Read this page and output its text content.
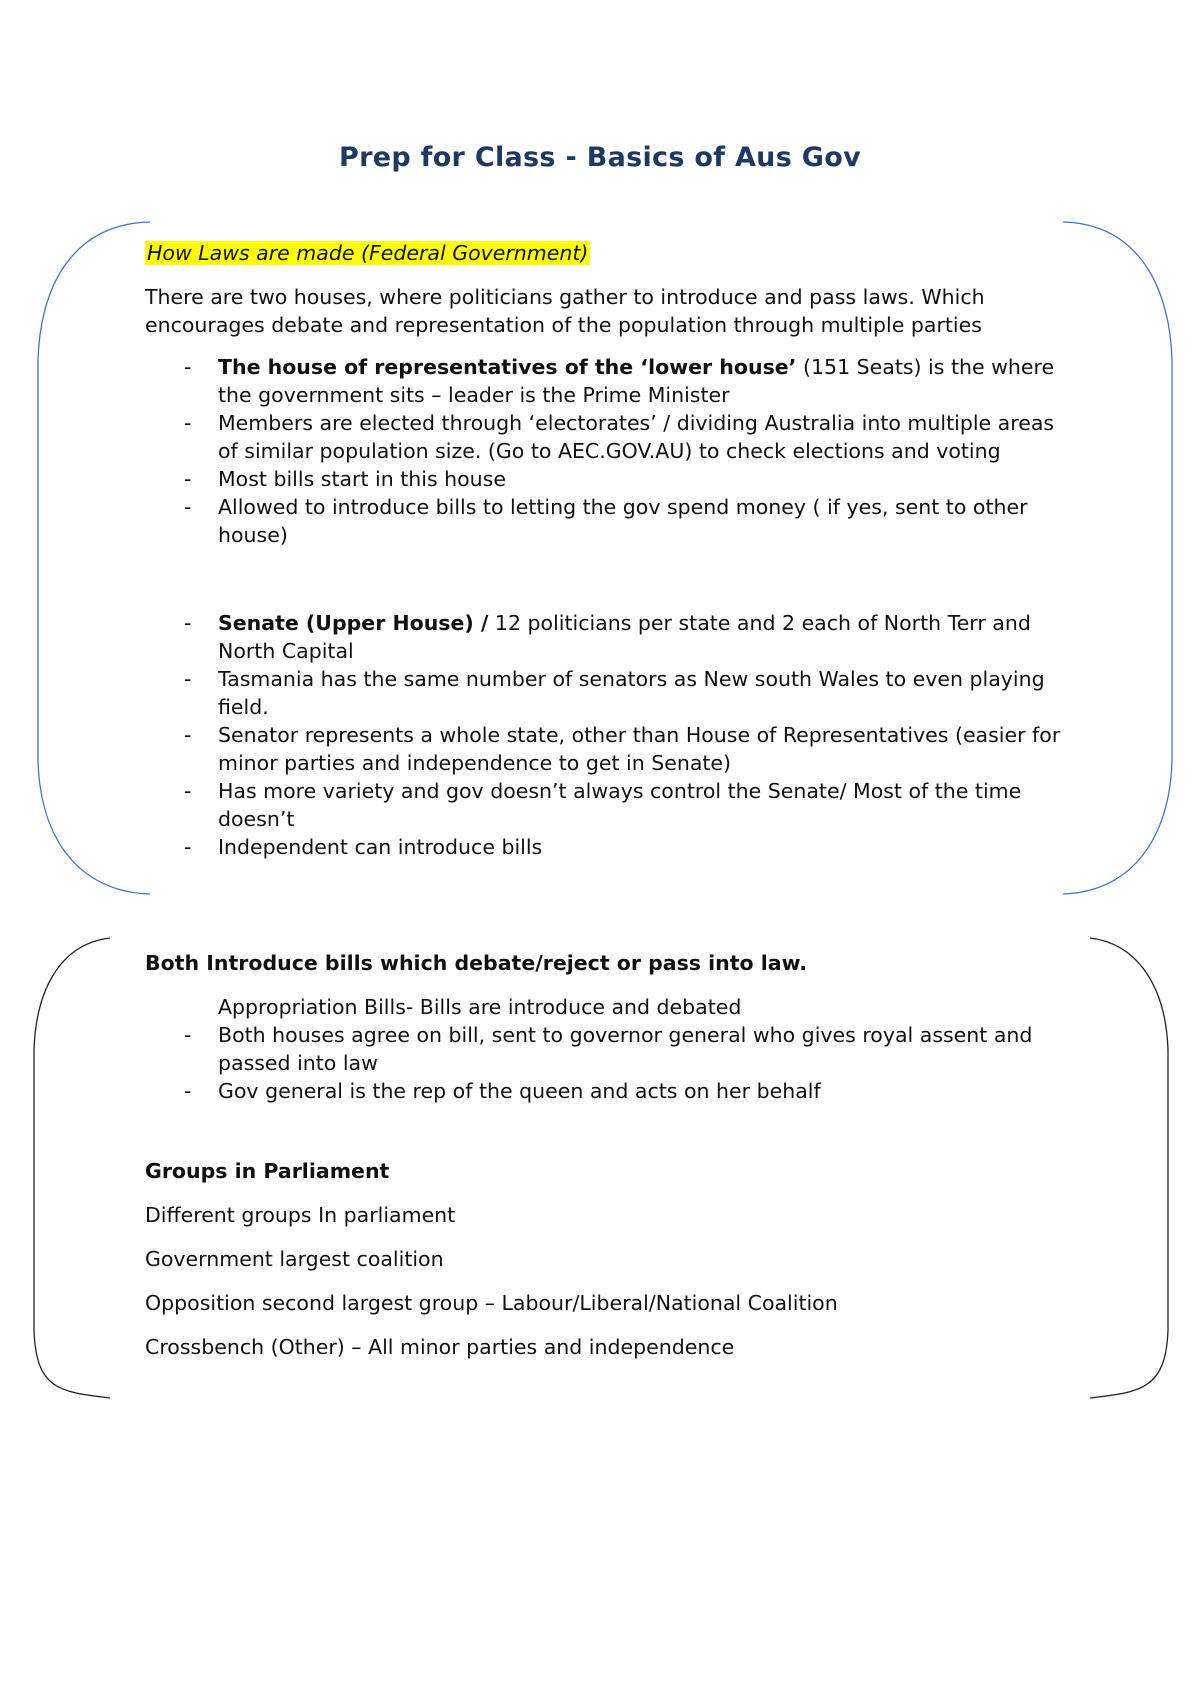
Prep for Class - Basics of Aus Gov
How Laws are made (Federal Government)

There are two houses, where politicians gather to introduce and pass laws. Which encourages debate and representation of the population through multiple parties

- The house of representatives of the ‘lower house’ (151 Seats) is the where the government sits – leader is the Prime Minister
- Members are elected through ‘electorates’ / dividing Australia into multiple areas of similar population size. (Go to AEC.GOV.AU) to check elections and voting
- Most bills start in this house
- Allowed to introduce bills to letting the gov spend money ( if yes, sent to other house)
- Senate (Upper House) / 12 politicians per state and 2 each of North Terr and North Capital
- Tasmania has the same number of senators as New south Wales to even playing field.
- Senator represents a whole state, other than House of Representatives (easier for minor parties and independence to get in Senate)
- Has more variety and gov doesn’t always control the Senate/ Most of the time doesn’t
- Independent can introduce bills

Both Introduce bills which debate/reject or pass into law.

Appropriation Bills- Bills are introduce and debated

- Both houses agree on bill, sent to governor general who gives royal assent and passed into law
- Gov general is the rep of the queen and acts on her behalf

Groups in Parliament

Different groups In parliament

Government largest coalition

Opposition second largest group – Labour/Liberal/National Coalition

Crossbench (Other) – All minor parties and independence
